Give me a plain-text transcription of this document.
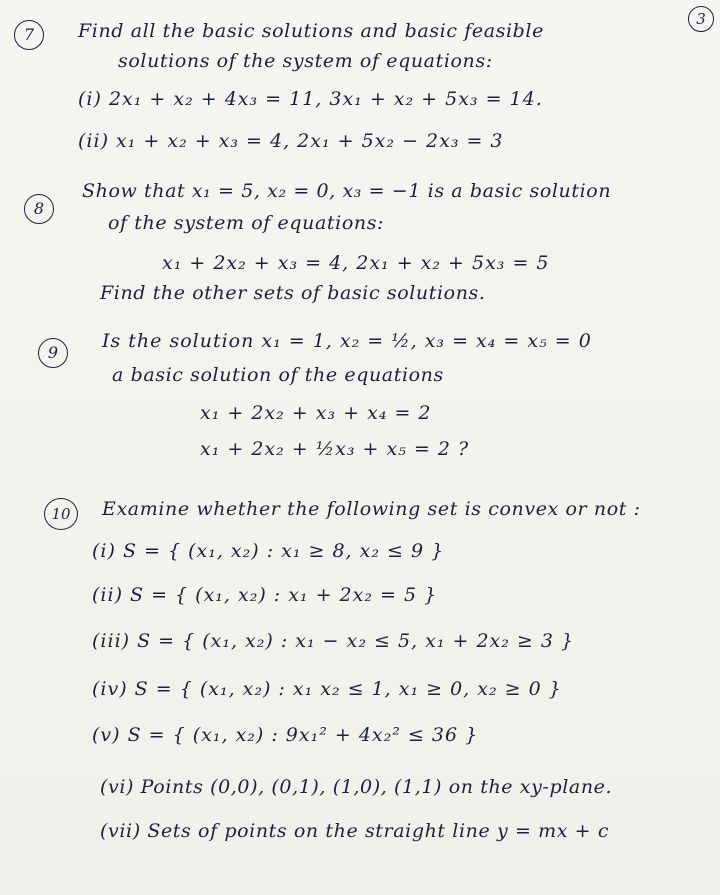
3
7	Find all the basic solutions and basic feasible
solutions of the system of equations:
(i) 2x₁ + x₂ + 4x₃ = 11, 3x₁ + x₂ + 5x₃ = 14.
(ii) x₁ + x₂ + x₃ = 4, 2x₁ + 5x₂ − 2x₃ = 3
8
Show that x₁ = 5, x₂ = 0, x₃ = −1 is a basic solution
of the system of equations:
x₁ + 2x₂ + x₃ = 4, 2x₁ + x₂ + 5x₃ = 5
Find the other sets of basic solutions.
9
Is the solution x₁ = 1, x₂ = ½, x₃ = x₄ = x₅ = 0
a basic solution of the equations
x₁ + 2x₂ + x₃ + x₄ = 2
x₁ + 2x₂ + ½x₃ + x₅ = 2 ?
10	Examine whether the following set is convex or not :
(i) S = { (x₁, x₂) : x₁ ≥ 8, x₂ ≤ 9 }
(ii) S = { (x₁, x₂) : x₁ + 2x₂ = 5 }
(iii) S = { (x₁, x₂) : x₁ − x₂ ≤ 5, x₁ + 2x₂ ≥ 3 }
(iv) S = { (x₁, x₂) : x₁ x₂ ≤ 1, x₁ ≥ 0, x₂ ≥ 0 }
(v) S = { (x₁, x₂) : 9x₁² + 4x₂² ≤ 36 }
(vi) Points (0,0), (0,1), (1,0), (1,1) on the xy-plane.
(vii) Sets of points on the straight line y = mx + c
